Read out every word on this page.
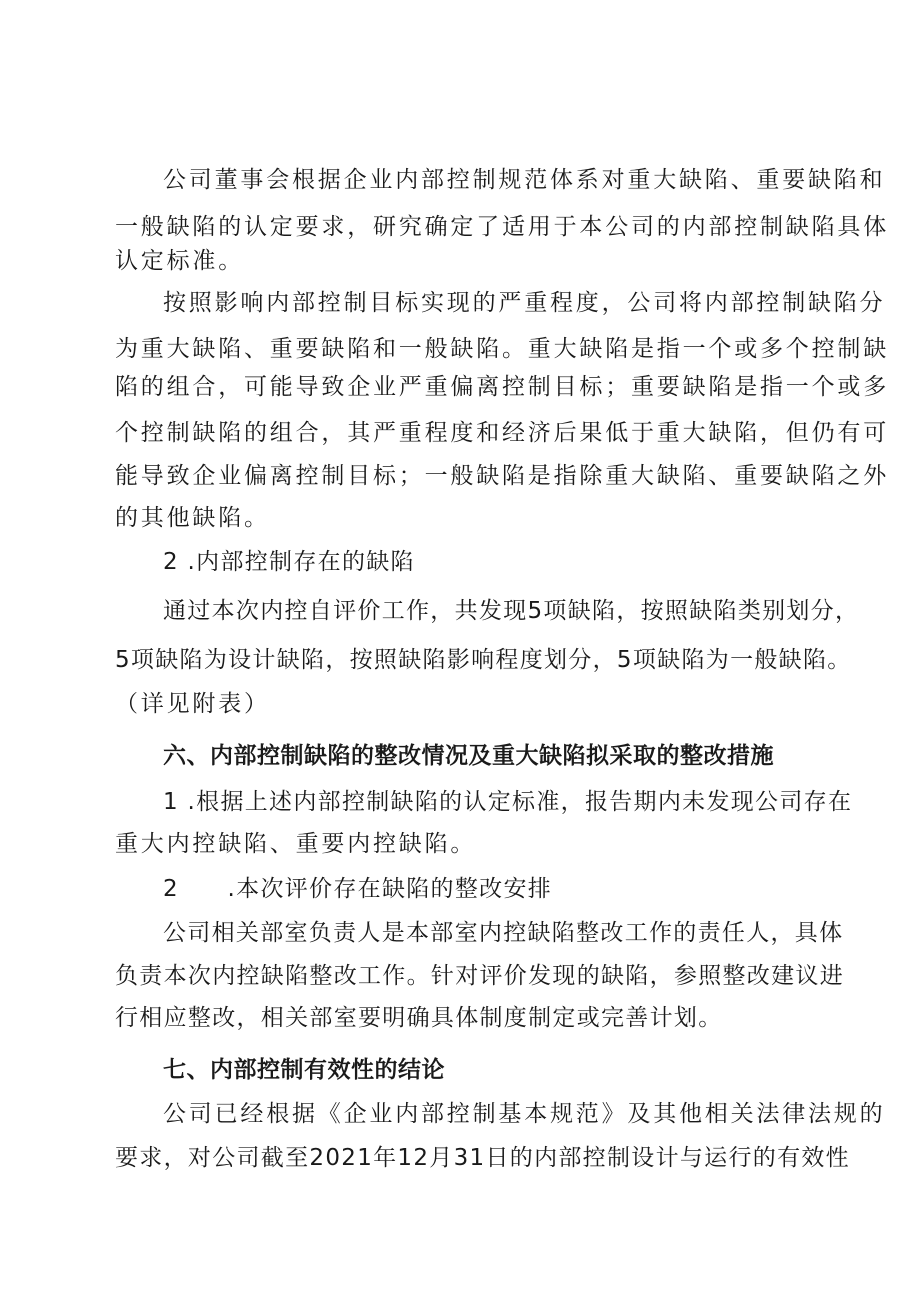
公司董事会根据企业内部控制规范体系对重大缺陷、重要缺陷和
一般缺陷的认定要求，研究确定了适用于本公司的内部控制缺陷具体
认定标准。
按照影响内部控制目标实现的严重程度，公司将内部控制缺陷分
为重大缺陷、重要缺陷和一般缺陷。重大缺陷是指一个或多个控制缺
陷的组合，可能导致企业严重偏离控制目标；重要缺陷是指一个或多
个控制缺陷的组合，其严重程度和经济后果低于重大缺陷，但仍有可
能导致企业偏离控制目标；一般缺陷是指除重大缺陷、重要缺陷之外
的其他缺陷。
2 .内部控制存在的缺陷
通过本次内控自评价工作，共发现5项缺陷，按照缺陷类别划分，
5项缺陷为设计缺陷，按照缺陷影响程度划分，5项缺陷为一般缺陷。
（详见附表）
六、内部控制缺陷的整改情况及重大缺陷拟采取的整改措施
1 .根据上述内部控制缺陷的认定标准，报告期内未发现公司存在
重大内控缺陷、重要内控缺陷。
2　　.本次评价存在缺陷的整改安排
公司相关部室负责人是本部室内控缺陷整改工作的责任人，具体
负责本次内控缺陷整改工作。针对评价发现的缺陷，参照整改建议进
行相应整改，相关部室要明确具体制度制定或完善计划。
七、内部控制有效性的结论
公司已经根据《企业内部控制基本规范》及其他相关法律法规的
要求，对公司截至2021年12月31日的内部控制设计与运行的有效性
